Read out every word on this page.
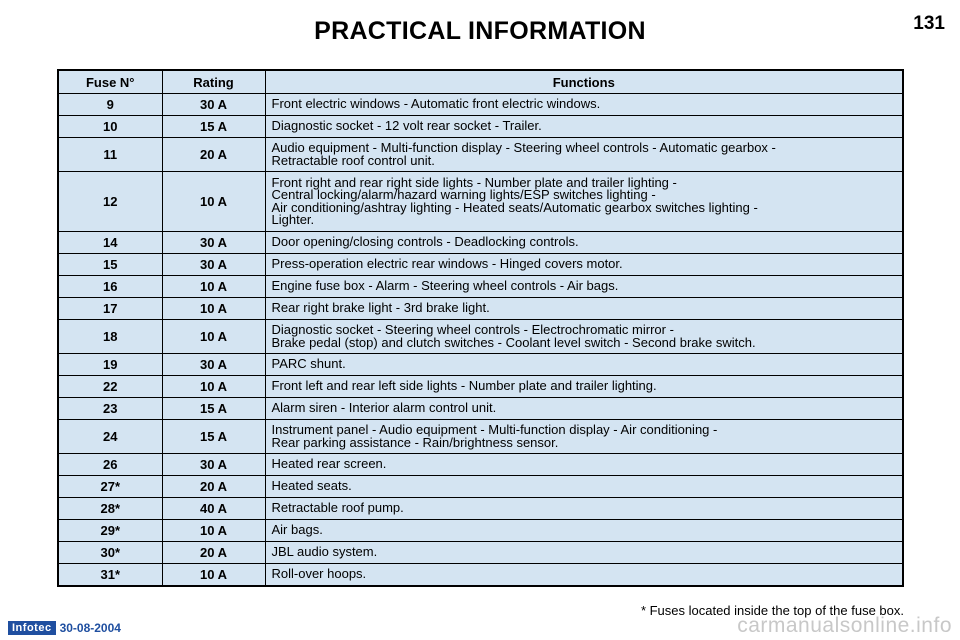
PRACTICAL INFORMATION	131
Fuse N°	Rating	Functions
9	30 A	Front electric windows - Automatic front electric windows.

10	15 A	Diagnostic socket - 12 volt rear socket - Trailer.

11	20 A	Audio equipment - Multi-function display - Steering wheel controls - Automatic gearbox -
Retractable roof control unit.

12	10 A	Front right and rear right side lights - Number plate and trailer lighting -
Central locking/alarm/hazard warning lights/ESP switches lighting -
Air conditioning/ashtray lighting - Heated seats/Automatic gearbox switches lighting -
Lighter.

14	30 A	Door opening/closing controls - Deadlocking controls.

15	30 A	Press-operation electric rear windows - Hinged covers motor.

16	10 A	Engine fuse box - Alarm - Steering wheel controls - Air bags.

17	10 A	Rear right brake light - 3rd brake light.

18	10 A	Diagnostic socket - Steering wheel controls - Electrochromatic mirror -
Brake pedal (stop) and clutch switches - Coolant level switch - Second brake switch.

19	30 A	PARC shunt.

22	10 A	Front left and rear left side lights - Number plate and trailer lighting.

23	15 A	Alarm siren - Interior alarm control unit.

24	15 A	Instrument panel - Audio equipment - Multi-function display - Air conditioning -
Rear parking assistance - Rain/brightness sensor.

26	30 A	Heated rear screen.

27*	20 A	Heated seats.

28*	40 A	Retractable roof pump.

29*	10 A	Air bags.

30*	20 A	JBL audio system.

31*	10 A	Roll-over hoops.
* Fuses located inside the top of the fuse box.
Infotec 30-08-2004	carmanualsonline.info
